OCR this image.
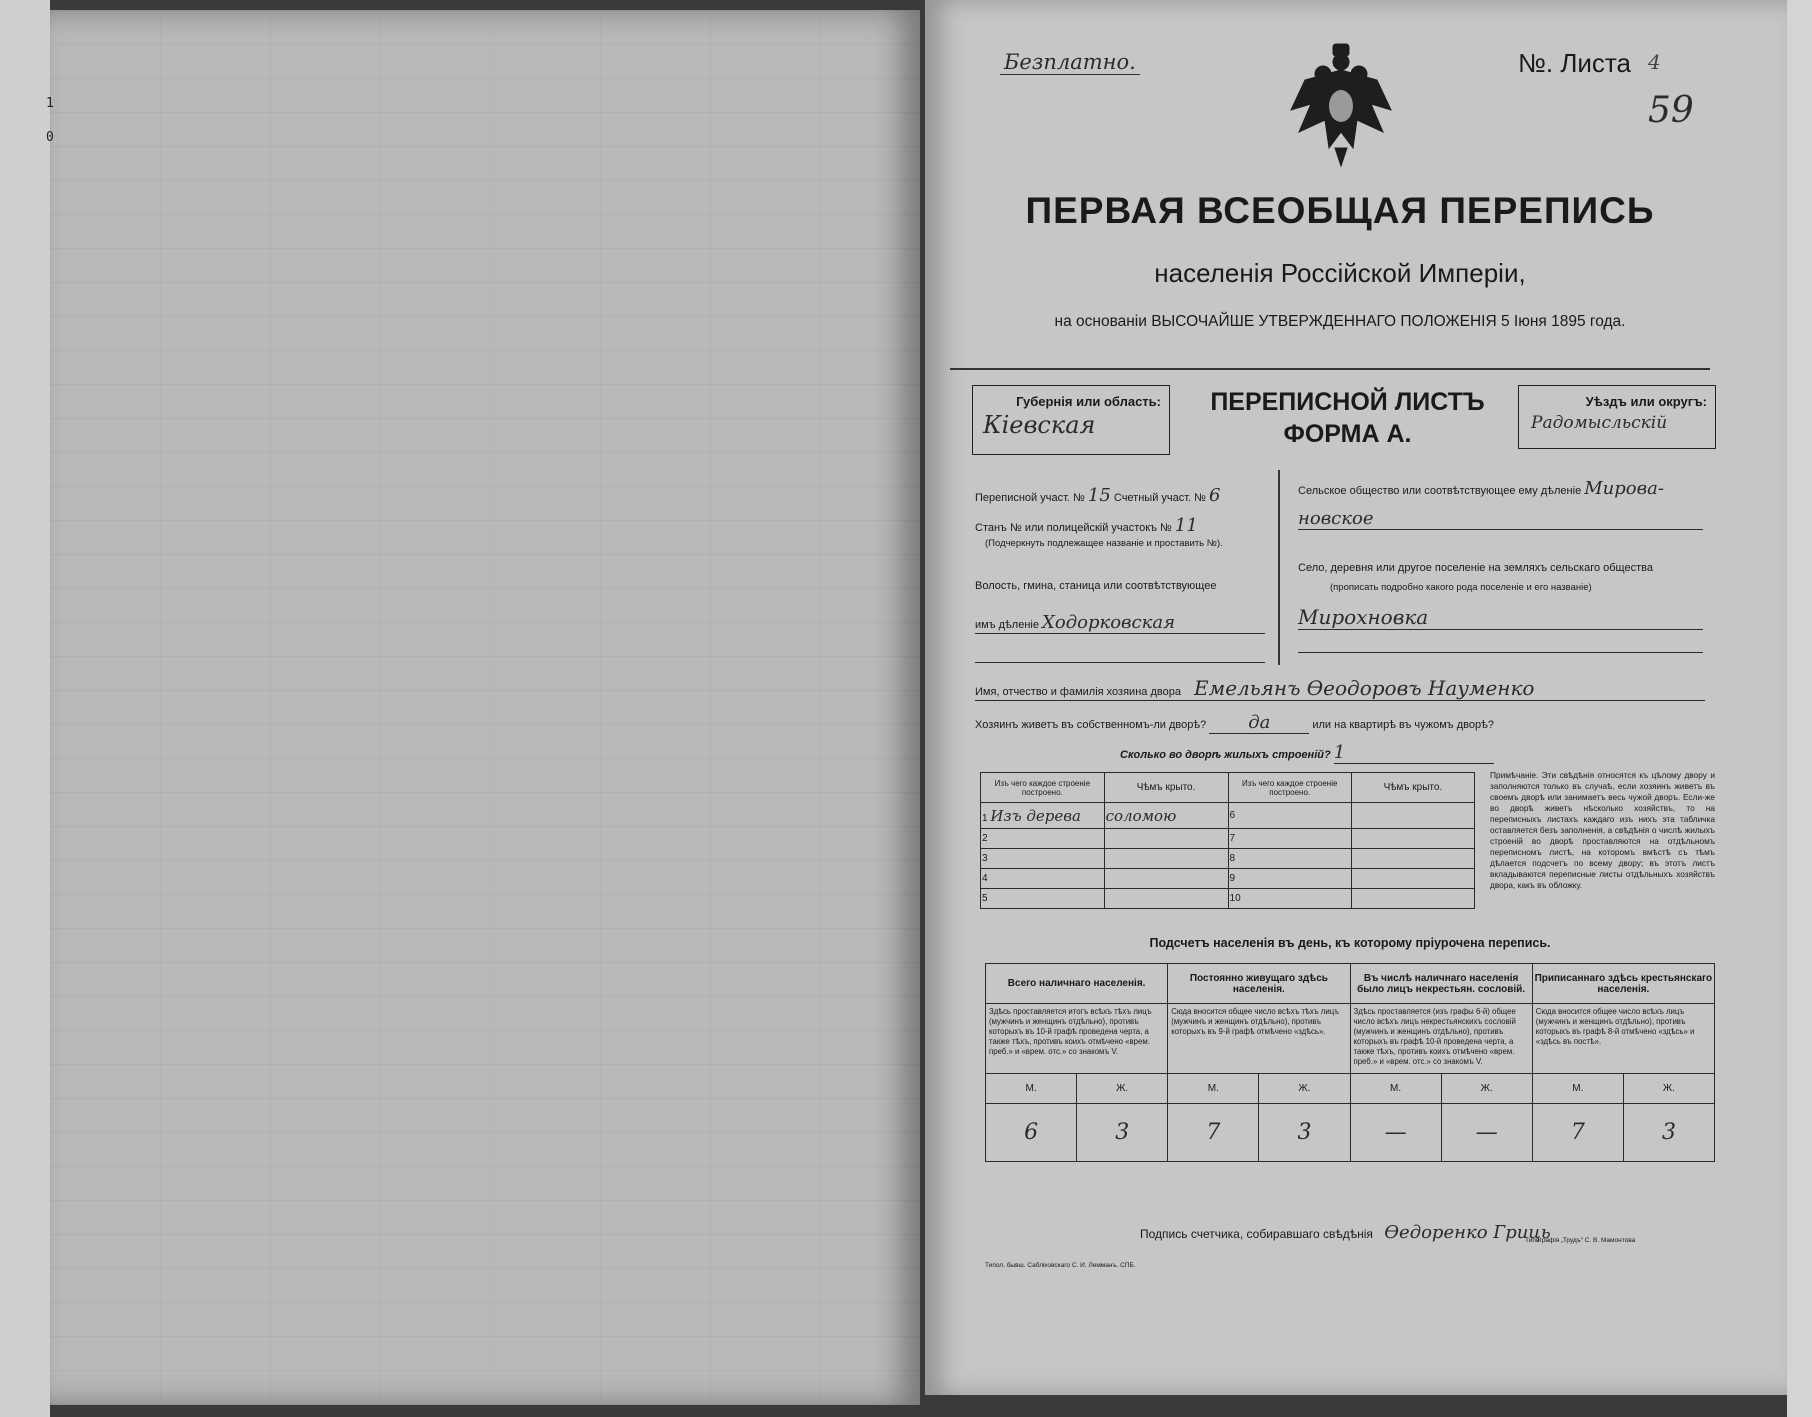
1
0
Безплатно.	№. Листа 4
59
ПЕРВАЯ ВСЕОБЩАЯ ПЕРЕПИСЬ
населенія Россійской Имперіи,
на основаніи ВЫСОЧАЙШЕ УТВЕРЖДЕННАГО ПОЛОЖЕНІЯ 5 Іюня 1895 года.
Губернія или область:
Кіевская
ПЕРЕПИСНОЙ ЛИСТЪ
ФОРМА А.
Уѣздъ или округъ:
Радомысльскій
Переписной участ. № 15 Счетный участ. № 6
Станъ № или полицейскій участокъ № 11
(Подчеркнуть подлежащее названіе и проставить №).
Волость, гмина, станица или соотвѣтствующее
имъ дѣленіе Ходорковская
Сельское общество или соотвѣтствующее ему дѣленіе Мирова-
новское
Село, деревня или другое поселеніе на земляхъ сельскаго общества
(прописать подробно какого рода поселеніе и его названіе)
Мирохновка
Имя, отчество и фамилія хозяина двора Емельянъ Өеодоровъ Науменко
Хозяинъ живетъ въ собственномъ-ли дворѣ? да	или на квартирѣ въ чужомъ дворѣ?
Сколько во дворѣ жилыхъ строеній? 1
Изъ чего каждое строеніе построено.	Чѣмъ крыто.	Изъ чего каждое строеніе построено.	Чѣмъ крыто.
1 Изъ дерева	соломою	6	
2		7	
3		8	
4		9	
5		10	
Примѣчаніе. Эти свѣдѣнія относятся къ цѣлому двору и заполняются только въ случаѣ, если хозяинъ живетъ въ своемъ дворѣ или занимаетъ весь чужой дворъ. Если-же во дворѣ живетъ нѣсколько хозяйствъ, то на переписныхъ листахъ каждаго изъ нихъ эта табличка оставляется безъ заполненія, а свѣдѣнія о числѣ жилыхъ строеній во дворѣ проставляются на отдѣльномъ переписномъ листѣ, на которомъ вмѣстѣ съ тѣмъ дѣлается подсчетъ по всему двору; въ этотъ листъ вкладываются переписные листы отдѣльныхъ хозяйствъ двора, какъ въ обложку.
Подсчетъ населенія въ день, къ которому пріурочена перепись.
Всего наличнаго населенія.		Постоянно живущаго здѣсь населенія.		Въ числѣ наличнаго населенія было лицъ некрестьян. сословій.		Приписаннаго здѣсь крестьянскаго населенія.	
Здѣсь проставляется итогъ всѣхъ тѣхъ лицъ (мужчинъ и женщинъ отдѣльно), противъ которыхъ въ 10-й графѣ проведена черта, а также тѣхъ, противъ коихъ отмѣчено «врем. преб.» и «врем. отс.» со знакомъ V.		Сюда вносится общее число всѣхъ тѣхъ лицъ (мужчинъ и женщинъ отдѣльно), противъ которыхъ въ 9-й графѣ отмѣчено «здѣсь».		Здѣсь проставляется (изъ графы 6-й) общее число всѣхъ лицъ некрестьянскихъ сословій (мужчинъ и женщинъ отдѣльно), противъ которыхъ въ графѣ 10-й проведена черта, а также тѣхъ, противъ коихъ отмѣчено «врем. преб.» и «врем. отс.» со знакомъ V.		Сюда вносится общее число всѣхъ лицъ (мужчинъ и женщинъ отдѣльно), противъ которыхъ въ графѣ 8-й отмѣчено «здѣсь» и «здѣсь въ постѣ».	
М.	Ж.	М.	Ж.	М.	Ж.	М.	Ж.
6	3	7	3	—	—	7	3
Подпись счетчика, собиравшаго свѣдѣнія Өедоренко Гриць
Типол. бывш. Сабліковскаго С. И. Лемманъ. СПБ.
Типографія „Трудъ“ С. В. Мамонтова
